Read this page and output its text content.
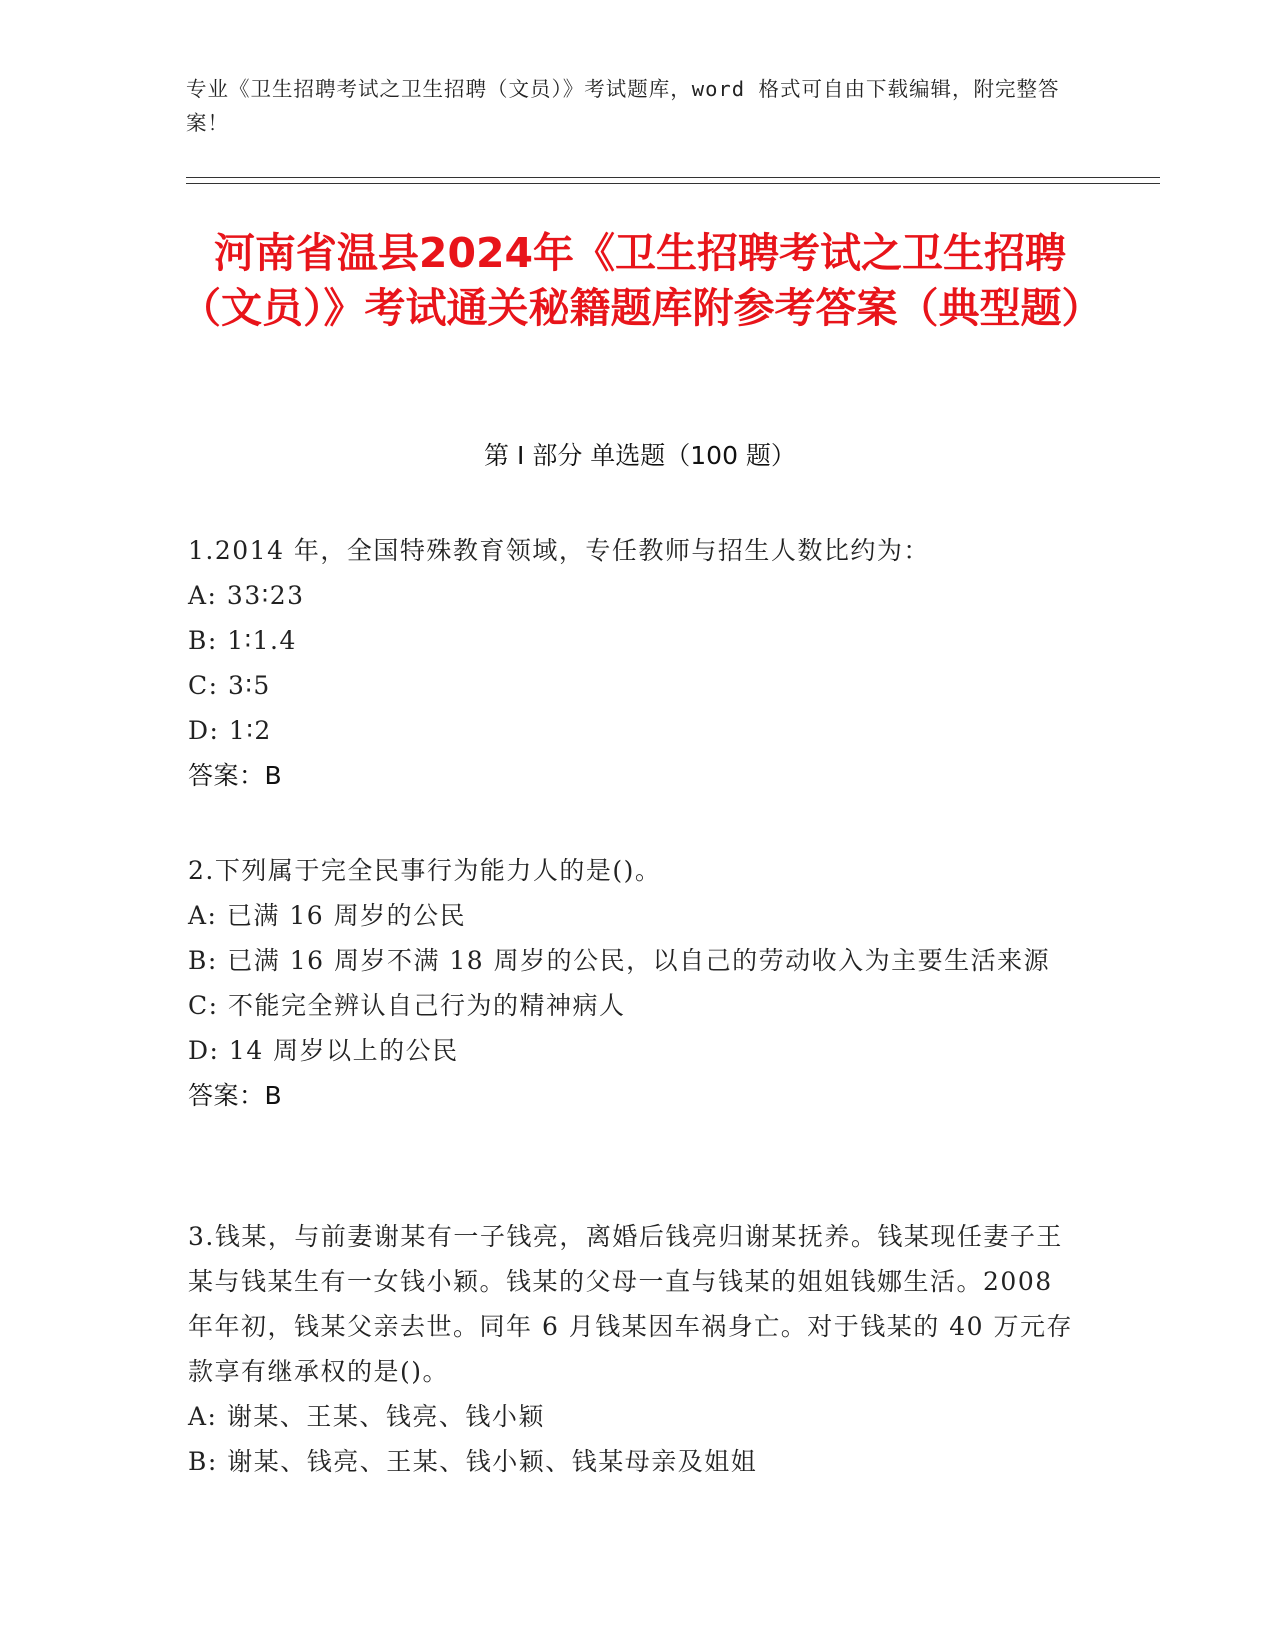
专业《卫生招聘考试之卫生招聘（文员）》考试题库，word 格式可自由下载编辑，附完整答案！
河南省温县2024年《卫生招聘考试之卫生招聘（文员）》考试通关秘籍题库附参考答案（典型题）
第 I 部分 单选题（100 题）
1.2014 年，全国特殊教育领域，专任教师与招生人数比约为：
A: 33∶23
B: 1∶1.4
C: 3∶5
D: 1∶2
答案：B
2.下列属于完全民事行为能力人的是()。
A: 已满 16 周岁的公民
B: 已满 16 周岁不满 18 周岁的公民，以自己的劳动收入为主要生活来源
C: 不能完全辨认自己行为的精神病人
D: 14 周岁以上的公民
答案：B
3.钱某，与前妻谢某有一子钱亮，离婚后钱亮归谢某抚养。钱某现任妻子王某与钱某生有一女钱小颖。钱某的父母一直与钱某的姐姐钱娜生活。2008 年年初，钱某父亲去世。同年 6 月钱某因车祸身亡。对于钱某的 40 万元存款享有继承权的是()。
A: 谢某、王某、钱亮、钱小颖
B: 谢某、钱亮、王某、钱小颖、钱某母亲及姐姐
